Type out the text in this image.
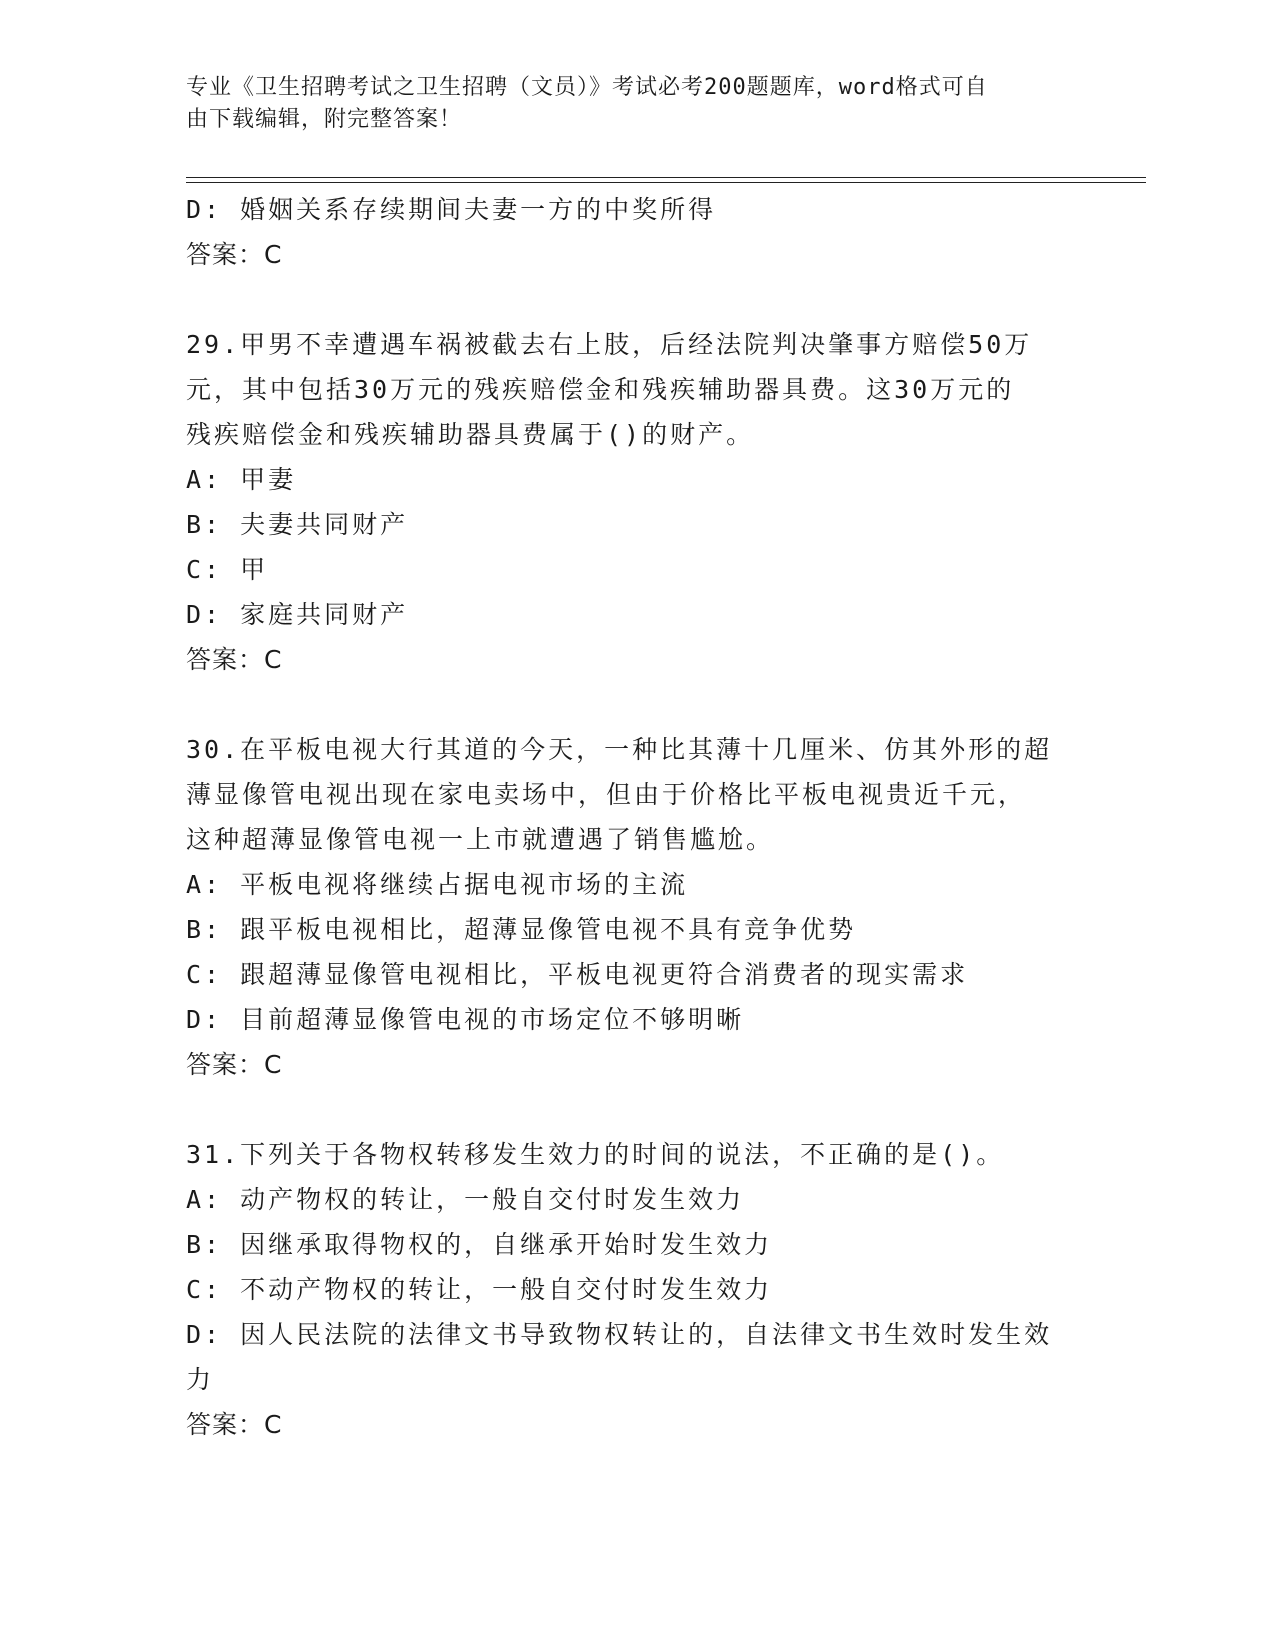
专业《卫生招聘考试之卫生招聘（文员）》考试必考200题题库，word格式可自
由下载编辑，附完整答案！
D: 婚姻关系存续期间夫妻一方的中奖所得
答案：C
29.甲男不幸遭遇车祸被截去右上肢，后经法院判决肇事方赔偿50万
元，其中包括30万元的残疾赔偿金和残疾辅助器具费。这30万元的
残疾赔偿金和残疾辅助器具费属于()的财产。
A: 甲妻
B: 夫妻共同财产
C: 甲
D: 家庭共同财产
答案：C
30.在平板电视大行其道的今天，一种比其薄十几厘米、仿其外形的超
薄显像管电视出现在家电卖场中，但由于价格比平板电视贵近千元，
这种超薄显像管电视一上市就遭遇了销售尴尬。
A: 平板电视将继续占据电视市场的主流
B: 跟平板电视相比，超薄显像管电视不具有竞争优势
C: 跟超薄显像管电视相比，平板电视更符合消费者的现实需求
D: 目前超薄显像管电视的市场定位不够明晰
答案：C
31.下列关于各物权转移发生效力的时间的说法，不正确的是()。
A: 动产物权的转让，一般自交付时发生效力
B: 因继承取得物权的，自继承开始时发生效力
C: 不动产物权的转让，一般自交付时发生效力
D: 因人民法院的法律文书导致物权转让的，自法律文书生效时发生效
力
答案：C
